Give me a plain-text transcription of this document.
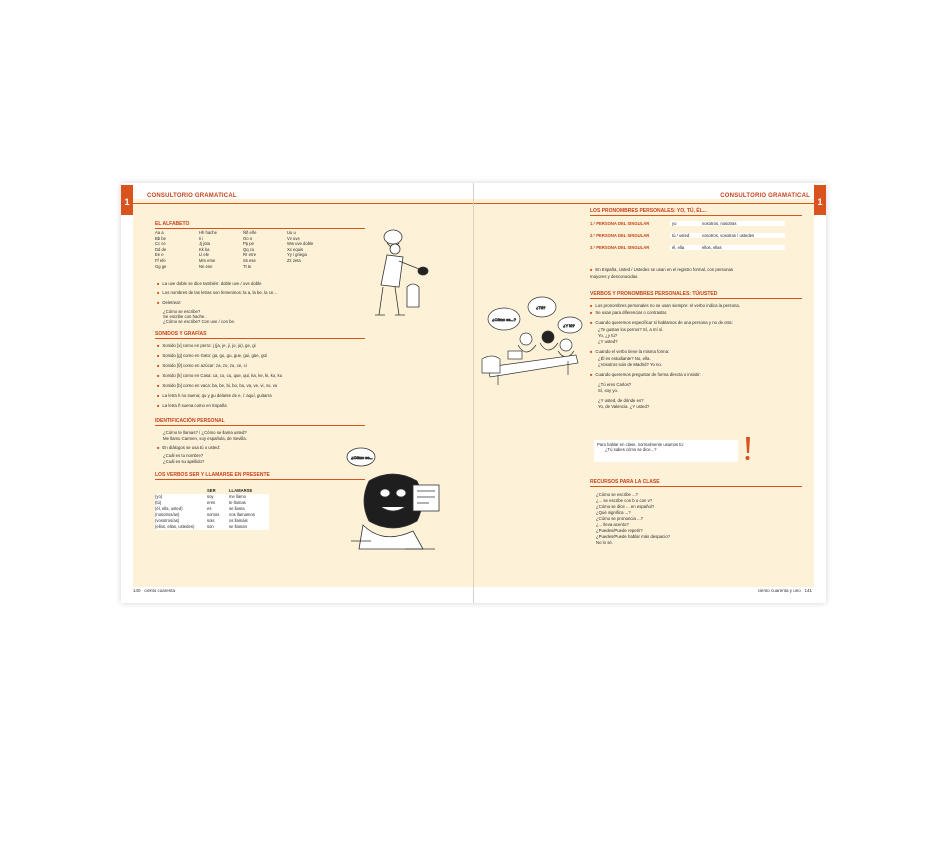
1
CONSULTORIO GRAMATICAL
EL ALFABETO
Aa a	Hh hache	Ññ eñe	Uu u
Bb be	Ii i	Oo o	Vv uve
Cc ce	Jj jota	Pp pe	Ww uve doble
Dd de	Kk ka	Qq cu	Xx equis
Ee e	Ll ele	Rr erre	Yy i griega
Ff efe	Mm eme	Ss ese	Zz zeta
Gg ge	Nn ene	Tt te
■ La uve doble se dice también: doble uve / uve doble
■ Los nombres de las letras son femeninos: la a, la be, la ce...
■ Deletrear:
¿Cómo se escribe?
Se escribe con hache.
¿Cómo se escribe? Con uve / con be.
SONIDOS Y GRAFÍAS
■ Sonido [x] como en perro: j (ja, je, ji, jo, ju), ge, gi
■ Sonido [g] como en Gato: ga, go, gu, gue, gui, güe, güi
■ Sonido [θ] como en azúcar: za, zo, zu, ce, ci
■ Sonido [k] como en Casa: ca, co, cu, que, qui, ka, ke, ki, ko, ku
■ Sonido [b] como en vaca: ba, be, bi, bo, bu, va, ve, vi, vo, vu
■ La letra h no suena; qu y gu delante de e, i: aquí, guitarra
■ La letra ñ suena como en España
IDENTIFICACIÓN PERSONAL
¿Cómo te llamas? / ¿Cómo se llama usted?
Me llamo Carmen, soy española, de Sevilla.
■ En diálogos se usa tú o usted:
¿Cuál es tu nombre?
¿Cuál es su apellido?
LOS VERBOS SER Y LLAMARSE EN PRESENTE
SER	LLAMARSE
(yo)	soy	me llamo
(tú)	eres	te llamas
(él, ella, usted)	es	se llama
(nosotros/as)	somos	nos llamamos
(vosotros/as)	sois	os llamáis
(ellos, ellas, ustedes)	son	se llaman
¿Cómo se...
140 ciento cuarenta
1
CONSULTORIO GRAMATICAL
LOS PRONOMBRES PERSONALES: YO, TÚ, ÉL...
1.ª PERSONA DEL SINGULAR	yo	nosotros, nosotras
2.ª PERSONA DEL SINGULAR	tú / usted	vosotros, vosotras / ustedes
3.ª PERSONA DEL SINGULAR	él, ella	ellos, ellas
■ En España, Usted / Ustedes se usan en el registro formal, con personas
mayores y desconocidas.
VERBOS Y PRONOMBRES PERSONALES: TÚ/USTED
■ Los pronombres personales no se usan siempre: el verbo indica la persona.
■ Se usan para diferenciar o contrastar.
■ Cuando queremos especificar si hablamos de una persona y no de otra:
¿Te gustan los perros? Sí, a mí sí.
Yo, ¿y tú?
¿Y usted?
■ Cuando el verbo tiene la misma forma:
¿Él es estudiante? No, ella.
¿Vosotros sois de Madrid? Yo no.
■ Cuando queremos preguntar de forma directa o insistir:
¿Tú eres Carlos?
Sí, soy yo.
¿Y usted, de dónde es?
Yo, de Valencia. ¿Y usted?
Para hablar en clase, normalmente usamos tú:
¿Tú sabes cómo se dice...?
RECURSOS PARA LA CLASE
¿Cómo se escribe ...?
¿... se escribe con b o con v?
¿Cómo se dice ... en español?
¿Qué significa ...?
¿Cómo se pronuncia ...?
¿... lleva acento?
¿Puedes/Puede repetir?
¿Puedes/Puede hablar más despacio?
No lo sé.
¿Cómo se...?
¿Tú?
¿Y tú?
ciento cuarenta y uno 141
